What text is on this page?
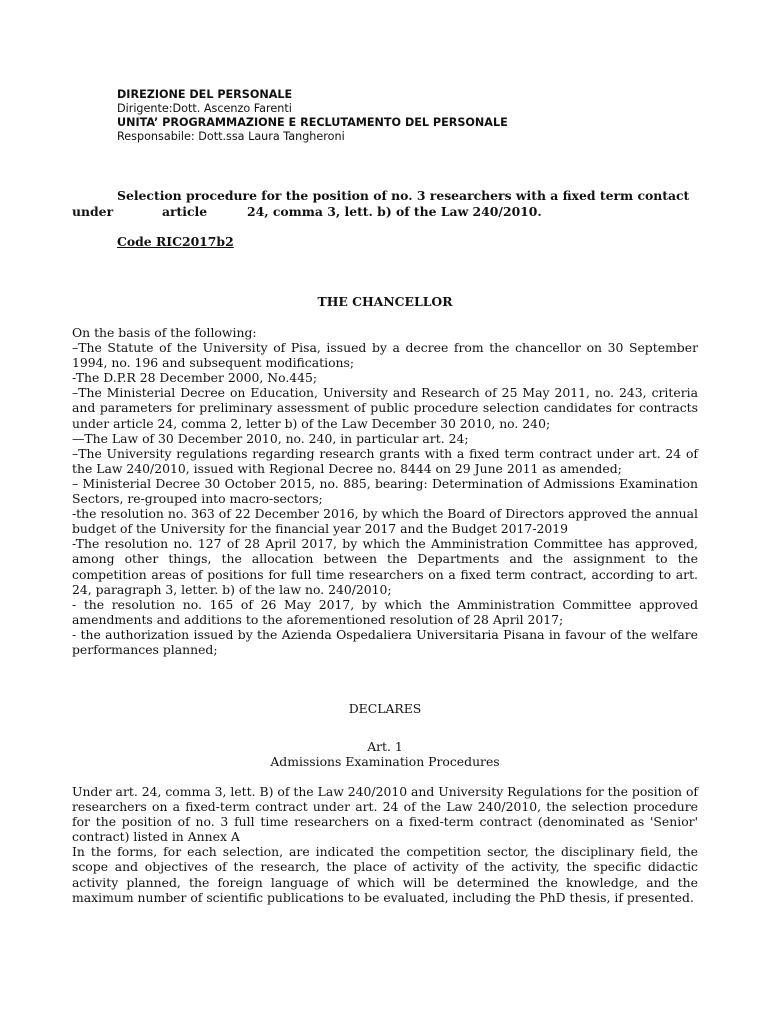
DIREZIONE DEL PERSONALE
Dirigente:Dott. Ascenzo Farenti
UNITA’ PROGRAMMAZIONE E RECLUTAMENTO DEL PERSONALE
Responsabile: Dott.ssa Laura Tangheroni
Selection procedure for the position of no. 3 researchers with a fixed term contact
under	article	24, comma 3, lett. b) of the Law 240/2010.
Code RIC2017b2
THE CHANCELLOR

On the basis of the following:

–The Statute of the University of Pisa, issued by a decree from the chancellor on 30 September 1994, no. 196 and subsequent modifications;

-The D.P.R 28 December 2000, No.445;

–The Ministerial Decree on Education, University and Research of 25 May 2011, no. 243, criteria and parameters for preliminary assessment of public procedure selection candidates for contracts under article 24, comma 2, letter b) of the Law December 30 2010, no. 240;

—The Law of 30 December 2010, no. 240, in particular art. 24;

–The University regulations regarding research grants with a fixed term contract under art. 24 of the Law 240/2010, issued with Regional Decree no. 8444 on 29 June 2011 as amended;

– Ministerial Decree 30 October 2015, no. 885, bearing: Determination of Admissions Examination Sectors, re-grouped into macro-sectors;

-the resolution no. 363 of 22 December 2016, by which the Board of Directors approved the annual budget of the University for the financial year 2017 and the Budget 2017-2019

-The resolution no. 127 of 28 April 2017, by which the Amministration Committee has approved, among other things, the allocation between the Departments and the assignment to the competition areas of positions for full time researchers on a fixed term contract, according to art. 24, paragraph 3, letter. b) of the law no. 240/2010;

- the resolution no. 165 of 26 May 2017, by which the Amministration Committee approved amendments and additions to the aforementioned resolution of 28 April 2017;

- the authorization issued by the Azienda Ospedaliera Universitaria Pisana in favour of the welfare performances planned;

DECLARES
Art. 1
Admissions Examination Procedures

Under art. 24, comma 3, lett. B) of the Law 240/2010 and University Regulations for the position of researchers on a fixed-term contract under art. 24 of the Law 240/2010, the selection procedure for the position of no. 3 full time researchers on a fixed-term contract (denominated as 'Senior' contract) listed in Annex A

In the forms, for each selection, are indicated the competition sector, the disciplinary field, the scope and objectives of the research, the place of activity of the activity, the specific didactic activity planned, the foreign language of which will be determined the knowledge, and the maximum number of scientific publications to be evaluated, including the PhD thesis, if presented.
